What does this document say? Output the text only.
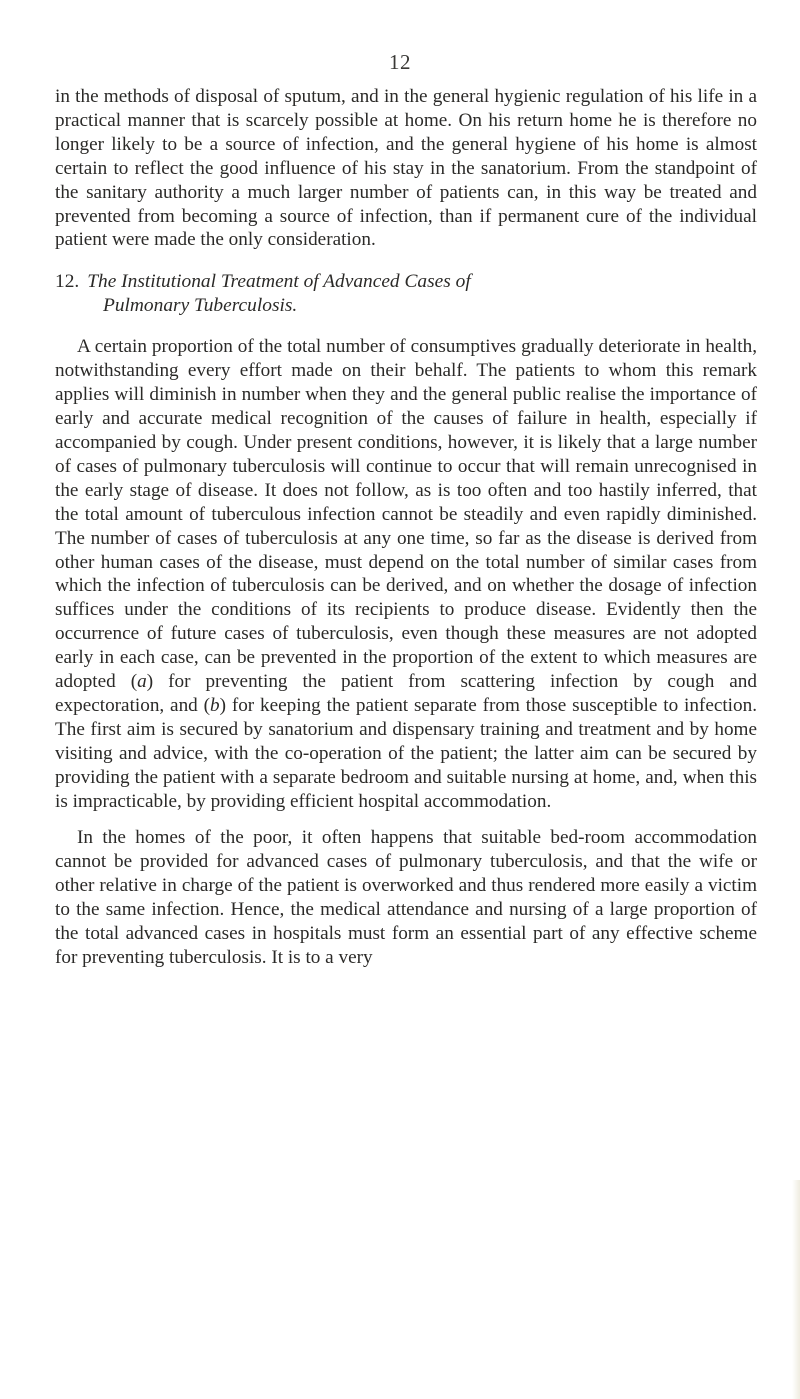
12

in the methods of disposal of sputum, and in the general hygienic regulation of his life in a practical manner that is scarcely possible at home. On his return home he is therefore no longer likely to be a source of infection, and the general hygiene of his home is almost certain to reflect the good influence of his stay in the sanatorium. From the standpoint of the sanitary authority a much larger number of patients can, in this way be treated and prevented from becoming a source of infection, than if permanent cure of the individual patient were made the only consideration.

12. The Institutional Treatment of Advanced Cases of
Pulmonary Tuberculosis.

A certain proportion of the total number of consumptives gradually deteriorate in health, notwithstanding every effort made on their behalf. The patients to whom this remark applies will diminish in number when they and the general public realise the importance of early and accurate medical recognition of the causes of failure in health, especially if accompanied by cough. Under present conditions, however, it is likely that a large number of cases of pulmonary tuberculosis will continue to occur that will remain unrecognised in the early stage of disease. It does not follow, as is too often and too hastily inferred, that the total amount of tuberculous infection cannot be steadily and even rapidly diminished. The number of cases of tuberculosis at any one time, so far as the disease is derived from other human cases of the disease, must depend on the total number of similar cases from which the infection of tuberculosis can be derived, and on whether the dosage of infection suffices under the conditions of its recipients to produce disease. Evidently then the occurrence of future cases of tuberculosis, even though these measures are not adopted early in each case, can be prevented in the proportion of the extent to which measures are adopted (a) for preventing the patient from scattering infection by cough and expectoration, and (b) for keeping the patient separate from those susceptible to infection. The first aim is secured by sanatorium and dispensary training and treatment and by home visiting and advice, with the co-operation of the patient; the latter aim can be secured by providing the patient with a separate bedroom and suitable nursing at home, and, when this is impracticable, by providing efficient hospital accommodation.

In the homes of the poor, it often happens that suitable bed-room accommodation cannot be provided for advanced cases of pulmonary tuberculosis, and that the wife or other relative in charge of the patient is overworked and thus rendered more easily a victim to the same infection. Hence, the medical attendance and nursing of a large proportion of the total advanced cases in hospitals must form an essential part of any effective scheme for preventing tuberculosis. It is to a very
